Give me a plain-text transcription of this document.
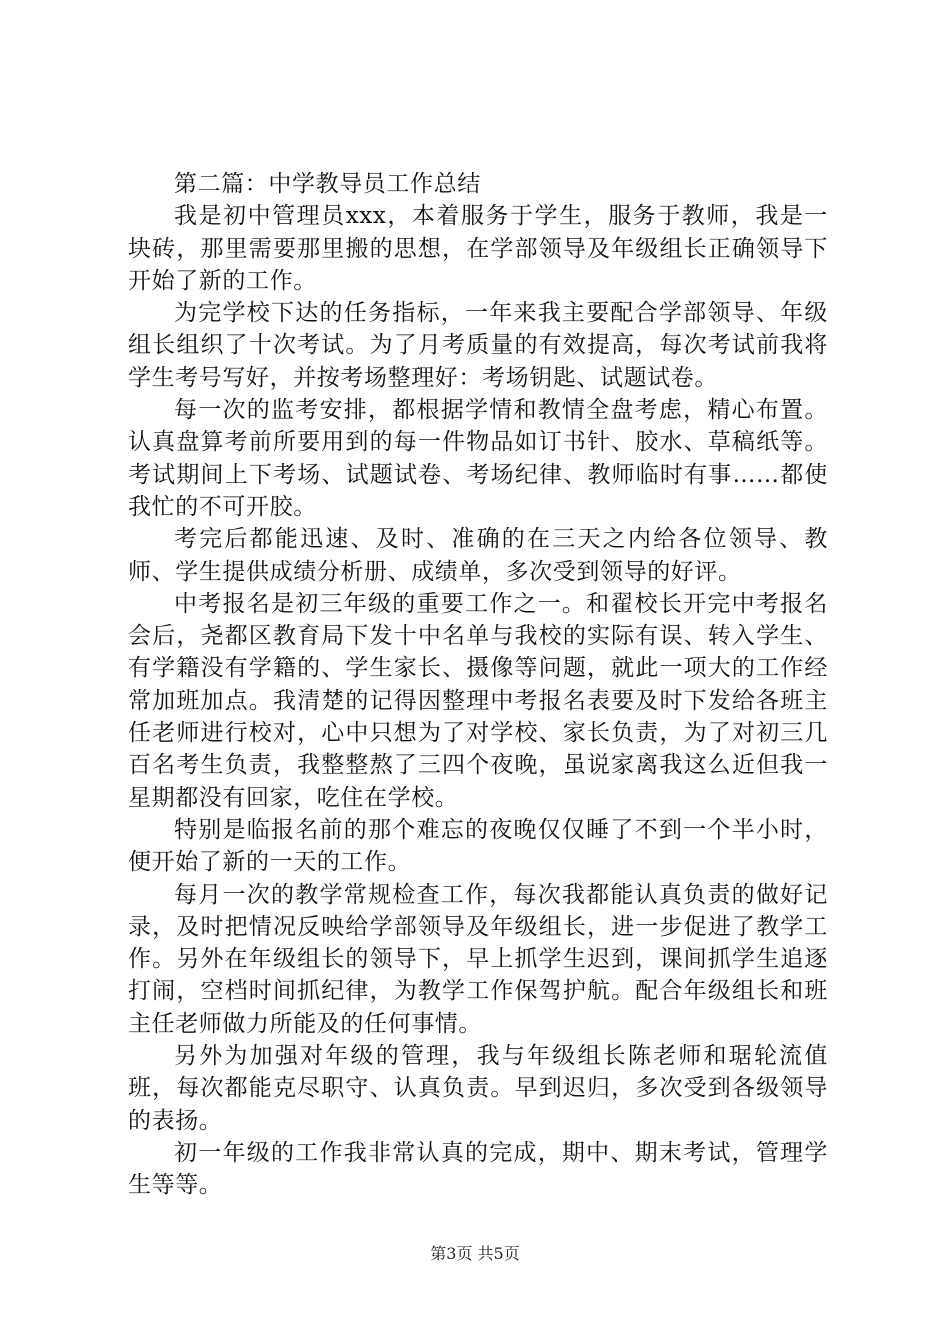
第二篇：中学教导员工作总结

我是初中管理员xxx，本着服务于学生，服务于教师，我是一块砖，那里需要那里搬的思想，在学部领导及年级组长正确领导下开始了新的工作。

为完学校下达的任务指标，一年来我主要配合学部领导、年级组长组织了十次考试。为了月考质量的有效提高，每次考试前我将学生考号写好，并按考场整理好：考场钥匙、试题试卷。

每一次的监考安排，都根据学情和教情全盘考虑，精心布置。认真盘算考前所要用到的每一件物品如订书针、胶水、草稿纸等。考试期间上下考场、试题试卷、考场纪律、教师临时有事……都使我忙的不可开胶。

考完后都能迅速、及时、准确的在三天之内给各位领导、教师、学生提供成绩分析册、成绩单，多次受到领导的好评。

中考报名是初三年级的重要工作之一。和翟校长开完中考报名会后，尧都区教育局下发十中名单与我校的实际有误、转入学生、有学籍没有学籍的、学生家长、摄像等问题，就此一项大的工作经常加班加点。我清楚的记得因整理中考报名表要及时下发给各班主任老师进行校对，心中只想为了对学校、家长负责，为了对初三几百名考生负责，我整整熬了三四个夜晚，虽说家离我这么近但我一星期都没有回家，吃住在学校。

特别是临报名前的那个难忘的夜晚仅仅睡了不到一个半小时，便开始了新的一天的工作。

每月一次的教学常规检查工作，每次我都能认真负责的做好记录，及时把情况反映给学部领导及年级组长，进一步促进了教学工作。另外在年级组长的领导下，早上抓学生迟到，课间抓学生追逐打闹，空档时间抓纪律，为教学工作保驾护航。配合年级组长和班主任老师做力所能及的任何事情。

另外为加强对年级的管理，我与年级组长陈老师和琚轮流值班，每次都能克尽职守、认真负责。早到迟归，多次受到各级领导的表扬。

初一年级的工作我非常认真的完成，期中、期末考试，管理学生等等。

第3页 共5页
